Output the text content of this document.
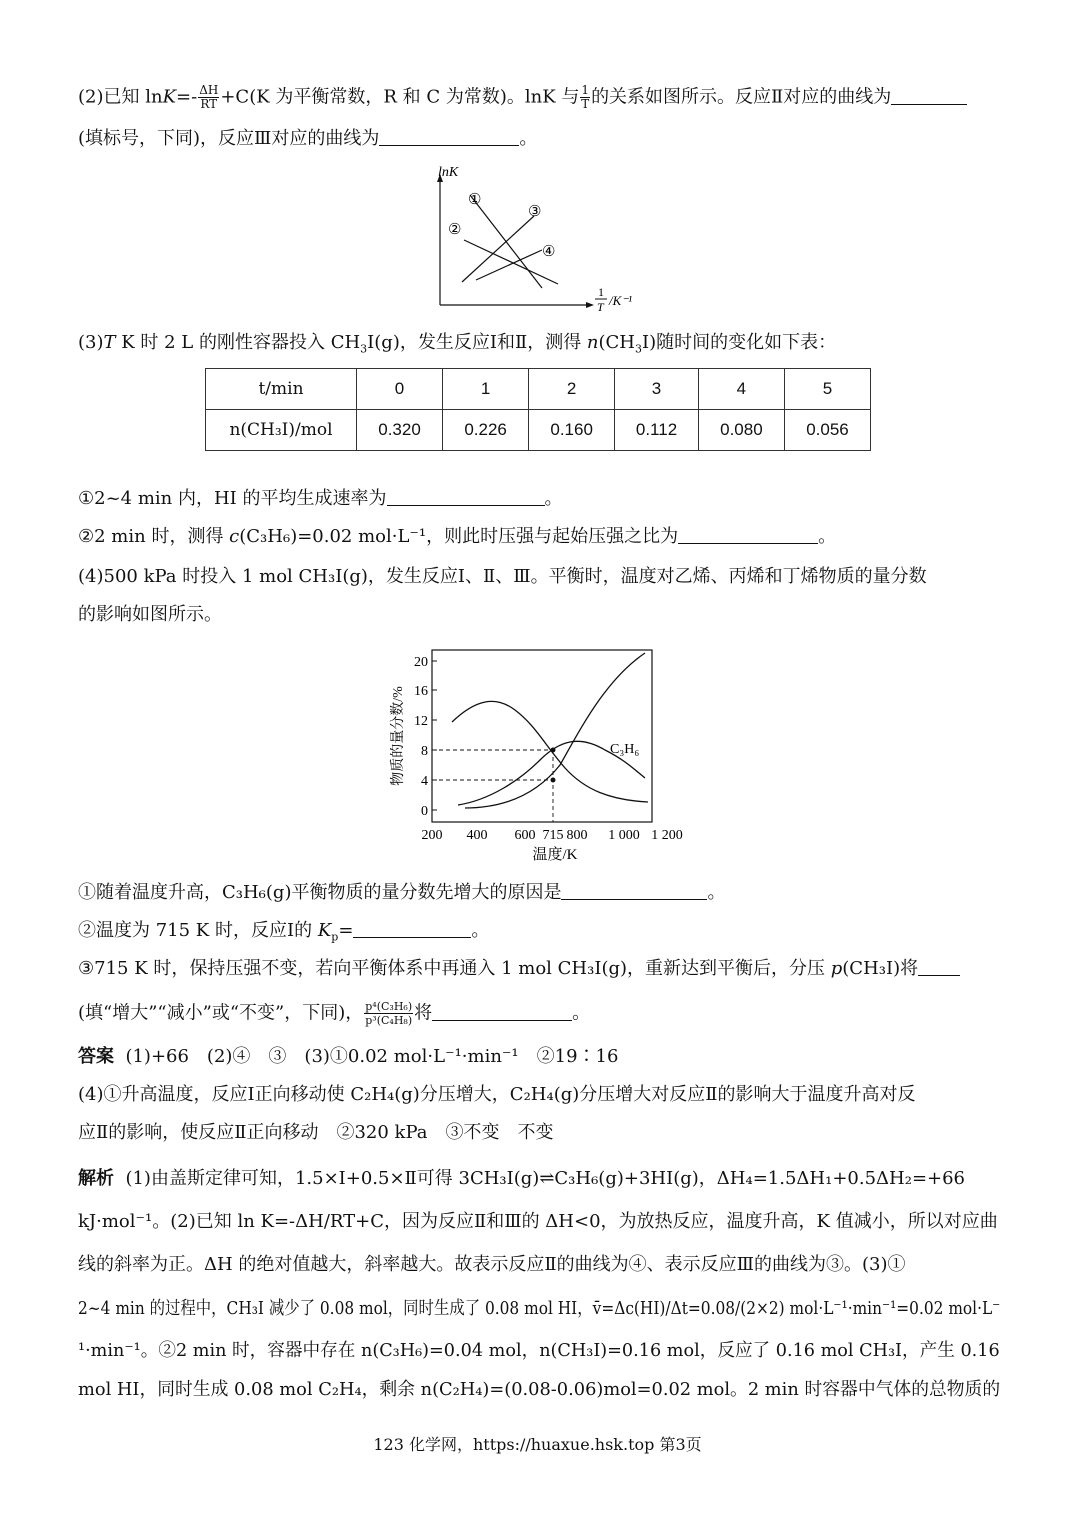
(2)已知 $\ln K=- \frac{\Delta H}{RT} +C(K$ 为平衡常数，R 和 C 为常数)。lnK 与 $\frac{1}{T}$ 的关系如图所示。反应Ⅱ对应的曲线为
(填标号，下同)，反应Ⅲ对应的曲线为	。
lnK
①
②
③
④
1
T /K⁻¹
(3)T K 时 2 L 的刚性容器投入 $CH_3I(g)$，发生反应Ⅰ和Ⅱ，测得 $n(CH_3I)$随时间的变化如下表：
t/min	0	1	2	3	4	5
n(CH₃I)/mol	0.320	0.226	0.160	0.112	0.080	0.056
①2~4 min 内，HI 的平均生成速率为	。
②2 min 时，测得 c(C₃H₆)=0.02 mol·L⁻¹，则此时压强与起始压强之比为	。
(4)500 kPa 时投入 1 mol CH₃I(g)，发生反应Ⅰ、Ⅱ、Ⅲ。平衡时，温度对乙烯、丙烯和丁烯物质的量分数
的影响如图所示。
20
16
12
8
4
0
200 400 600 715 800 1 000 1 200
温度/K
物质的量分数/%	C₃H₆
①随着温度升高，C₃H₆(g)平衡物质的量分数先增大的原因是	。
②温度为 715 K 时，反应Ⅰ的 $K_p=$	。
③715 K 时，保持压强不变，若向平衡体系中再通入 1 mol CH₃I(g)，重新达到平衡后，分压 p(CH₃I)将
(填“增大”“减小”或“不变”，下同)， $\frac{\text{p⁴(C₃H₆)}}{\text{p³(C₄H₈)}}$ 将	。
答案 (1)+66　(2)④　③　(3)①0.02 mol·L⁻¹·min⁻¹　②19∶16
(4)①升高温度，反应Ⅰ正向移动使 C₂H₄(g)分压增大，C₂H₄(g)分压增大对反应Ⅱ的影响大于温度升高对反
应Ⅱ的影响，使反应Ⅱ正向移动　②320 kPa　③不变　不变
解析 (1)由盖斯定律可知，1.5×Ⅰ+0.5×Ⅱ可得 3CH₃I(g)⇌C₃H₆(g)+3HI(g)，ΔH₄=1.5ΔH₁+0.5ΔH₂=+66
kJ·mol⁻¹。(2)已知 ln K=-ΔH/RT+C，因为反应Ⅱ和Ⅲ的 ΔH<0，为放热反应，温度升高，K 值减小，所以对应曲
线的斜率为正。ΔH 的绝对值越大，斜率越大。故表示反应Ⅱ的曲线为④、表示反应Ⅲ的曲线为③。(3)①
2~4 min 的过程中，CH₃I 减少了 0.08 mol，同时生成了 0.08 mol HI，v̄=Δc(HI)/Δt=0.08/(2×2) mol·L⁻¹·min⁻¹=0.02 mol·L⁻
¹·min⁻¹。②2 min 时，容器中存在 n(C₃H₆)=0.04 mol，n(CH₃I)=0.16 mol，反应了 0.16 mol CH₃I，产生 0.16
mol HI，同时生成 0.08 mol C₂H₄，剩余 n(C₂H₄)=(0.08-0.06)mol=0.02 mol。2 min 时容器中气体的总物质的
123 化学网，https://huaxue.hsk.top 第3页
